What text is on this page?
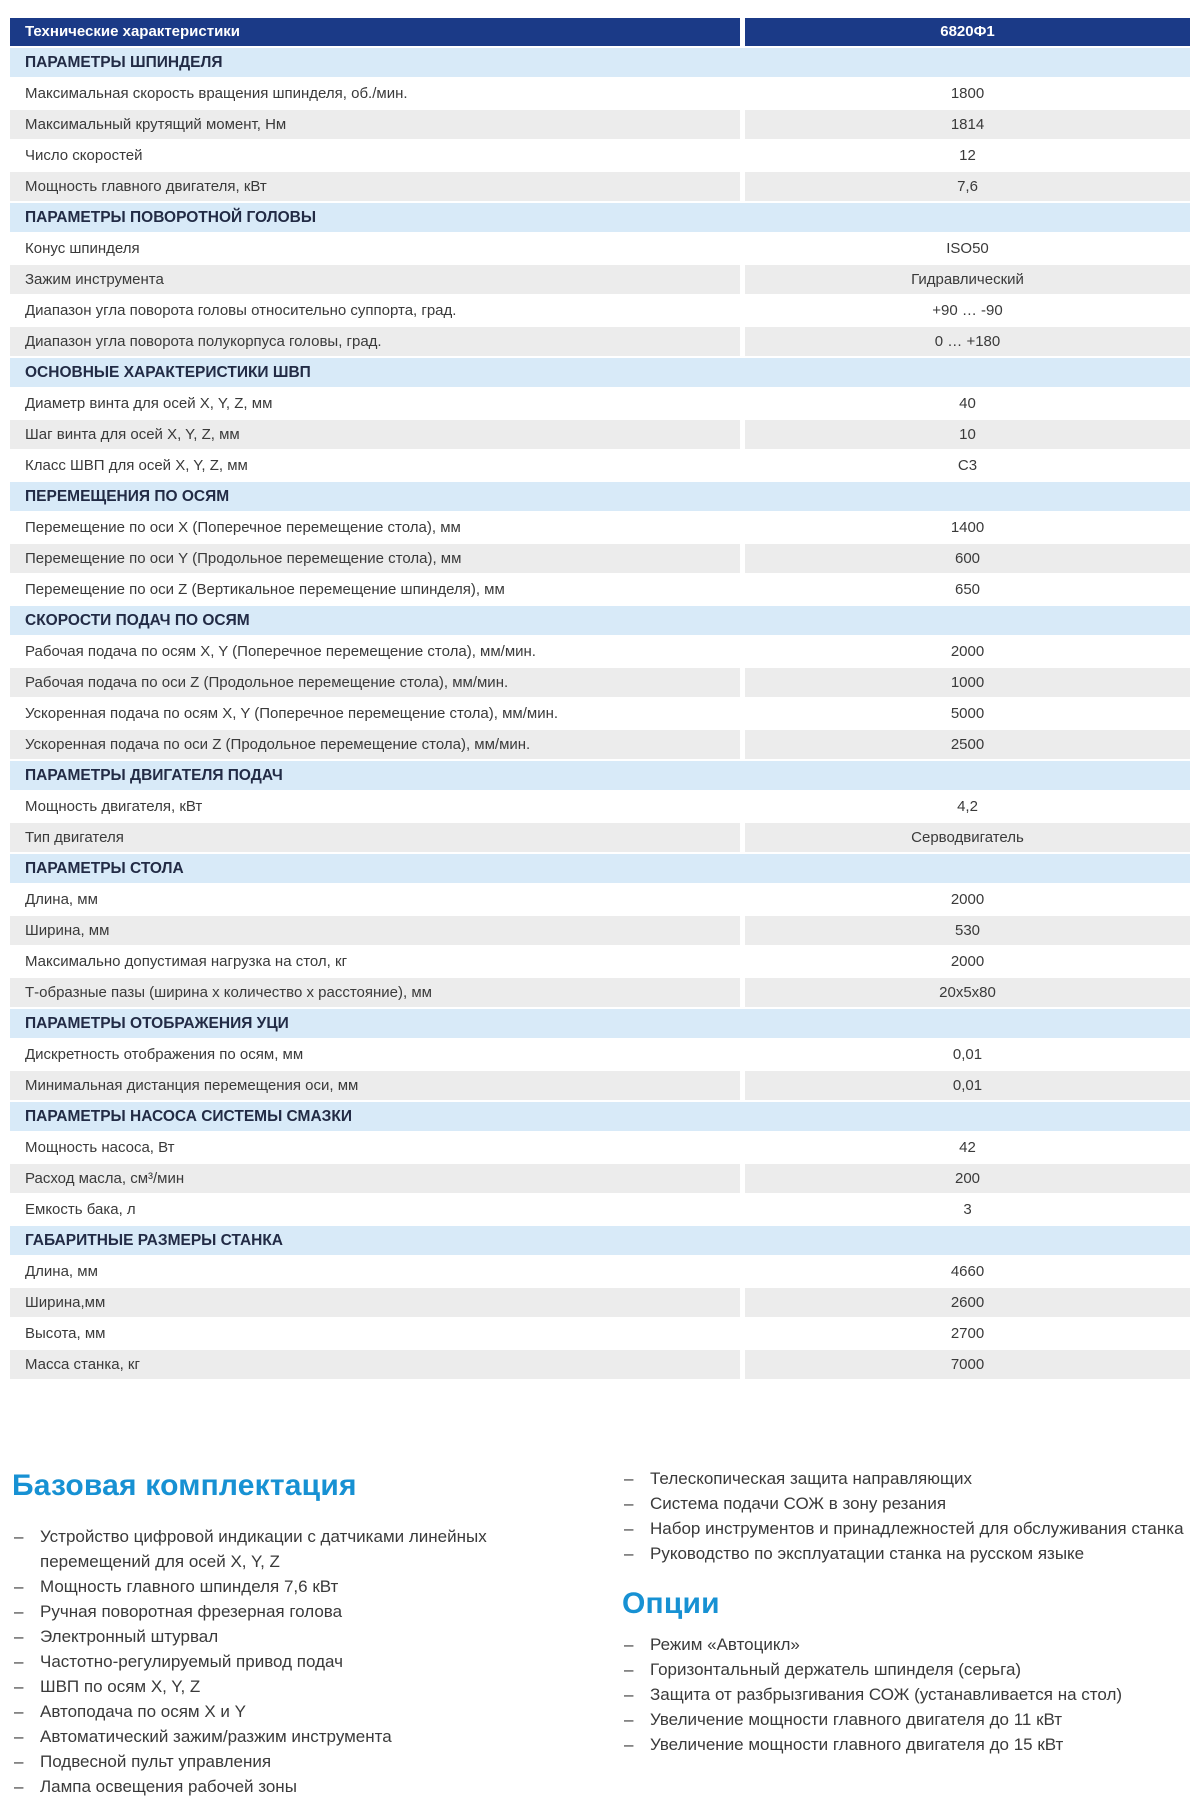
Технические характеристики	6820Ф1
ПАРАМЕТРЫ ШПИНДЕЛЯ
Максимальная скорость вращения шпинделя, об./мин.	1800
Максимальный крутящий момент, Нм	1814
Число скоростей	12
Мощность главного двигателя, кВт	7,6
ПАРАМЕТРЫ ПОВОРОТНОЙ ГОЛОВЫ
Конус шпинделя	ISO50
Зажим инструмента	Гидравлический
Диапазон угла поворота головы относительно суппорта, град.	+90 … -90
Диапазон угла поворота полукорпуса головы, град.	0 … +180
ОСНОВНЫЕ ХАРАКТЕРИСТИКИ ШВП
Диаметр винта для осей X, Y, Z, мм	40
Шаг винта для осей X, Y, Z, мм	10
Класс ШВП для осей X, Y, Z, мм	C3
ПЕРЕМЕЩЕНИЯ ПО ОСЯМ
Перемещение по оси X (Поперечное перемещение стола), мм	1400
Перемещение по оси Y (Продольное перемещение стола), мм	600
Перемещение по оси Z (Вертикальное перемещение шпинделя), мм	650
СКОРОСТИ ПОДАЧ ПО ОСЯМ
Рабочая подача по осям X, Y (Поперечное перемещение стола), мм/мин.	2000
Рабочая подача по оси Z (Продольное перемещение стола), мм/мин.	1000
Ускоренная подача по осям X, Y (Поперечное перемещение стола), мм/мин.	5000
Ускоренная подача по оси Z (Продольное перемещение стола), мм/мин.	2500
ПАРАМЕТРЫ ДВИГАТЕЛЯ ПОДАЧ
Мощность двигателя, кВт	4,2
Тип двигателя	Серводвигатель
ПАРАМЕТРЫ СТОЛА
Длина, мм	2000
Ширина, мм	530
Максимально допустимая нагрузка на стол, кг	2000
Т-образные пазы (ширина х количество х расстояние), мм	20х5х80
ПАРАМЕТРЫ ОТОБРАЖЕНИЯ УЦИ
Дискретность отображения по осям, мм	0,01
Минимальная дистанция перемещения оси, мм	0,01
ПАРАМЕТРЫ НАСОСА СИСТЕМЫ СМАЗКИ
Мощность насоса, Вт	42
Расход масла, см³/мин	200
Емкость бака, л	3
ГАБАРИТНЫЕ РАЗМЕРЫ СТАНКА
Длина, мм	4660
Ширина,мм	2600
Высота, мм	2700
Масса станка, кг	7000
Базовая комплектация
– Устройство цифровой индикации с датчиками линейных перемещений для осей X, Y, Z
– Мощность главного шпинделя 7,6 кВт
– Ручная поворотная фрезерная голова
– Электронный штурвал
– Частотно-регулируемый привод подач
– ШВП по осям X, Y, Z
– Автоподача по осям X и Y
– Автоматический зажим/разжим инструмента
– Подвесной пульт управления
– Лампа освещения рабочей зоны
– Телескопическая защита направляющих
– Система подачи СОЖ в зону резания
– Набор инструментов и принадлежностей для обслуживания станка
– Руководство по эксплуатации станка на русском языке
Опции
– Режим «Автоцикл»
– Горизонтальный держатель шпинделя (серьга)
– Защита от разбрызгивания СОЖ (устанавливается на стол)
– Увеличение мощности главного двигателя до 11 кВт
– Увеличение мощности главного двигателя до 15 кВт
